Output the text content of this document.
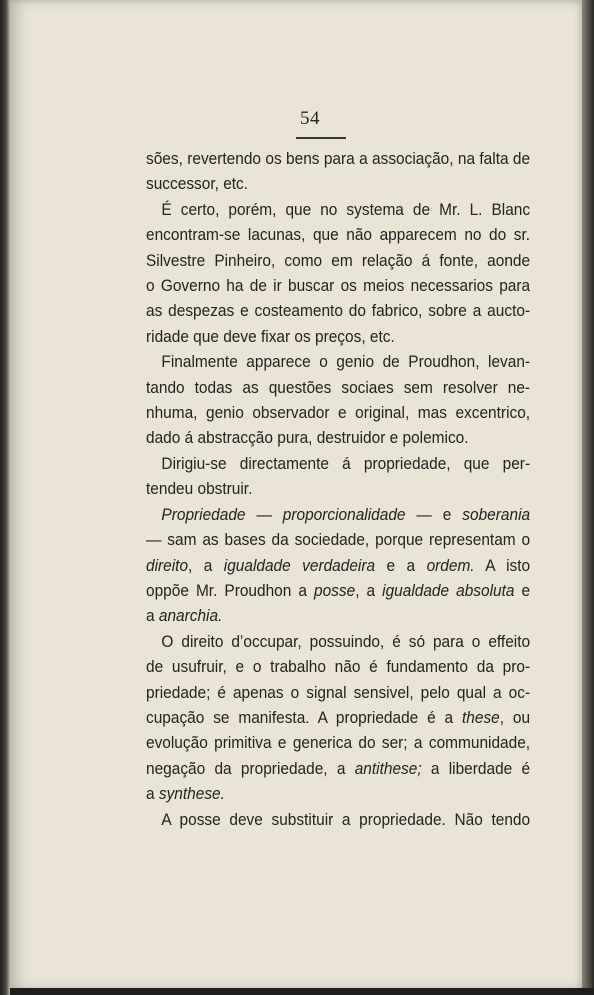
54
sões, revertendo os bens para a associação, na falta de
successor, etc.
 É certo, porém, que no systema de Mr. L. Blanc
encontram-se lacunas, que não apparecem no do sr.
Silvestre Pinheiro, como em relação á fonte, aonde
o Governo ha de ir buscar os meios necessarios para
as despezas e costeamento do fabrico, sobre a aucto-
ridade que deve fixar os preços, etc.
 Finalmente apparece o genio de Proudhon, levan-
tando todas as questões sociaes sem resolver ne-
nhuma, genio observador e original, mas excentrico,
dado á abstracção pura, destruidor e polemico.
 Dirigiu-se directamente á propriedade, que per-
tendeu obstruir.
 Propriedade — proporcionalidade — e soberania
— sam as bases da sociedade, porque representam o
direito, a igualdade verdadeira e a ordem. A isto
oppõe Mr. Proudhon a posse, a igualdade absoluta e
a anarchia.
 O direito d’occupar, possuindo, é só para o effeito
de usufruir, e o trabalho não é fundamento da pro-
priedade; é apenas o signal sensivel, pelo qual a oc-
cupação se manifesta. A propriedade é a these, ou
evolução primitiva e generica do ser; a communidade,
negação da propriedade, a antithese; a liberdade é
a synthese.
 A posse deve substituir a propriedade. Não tendo
